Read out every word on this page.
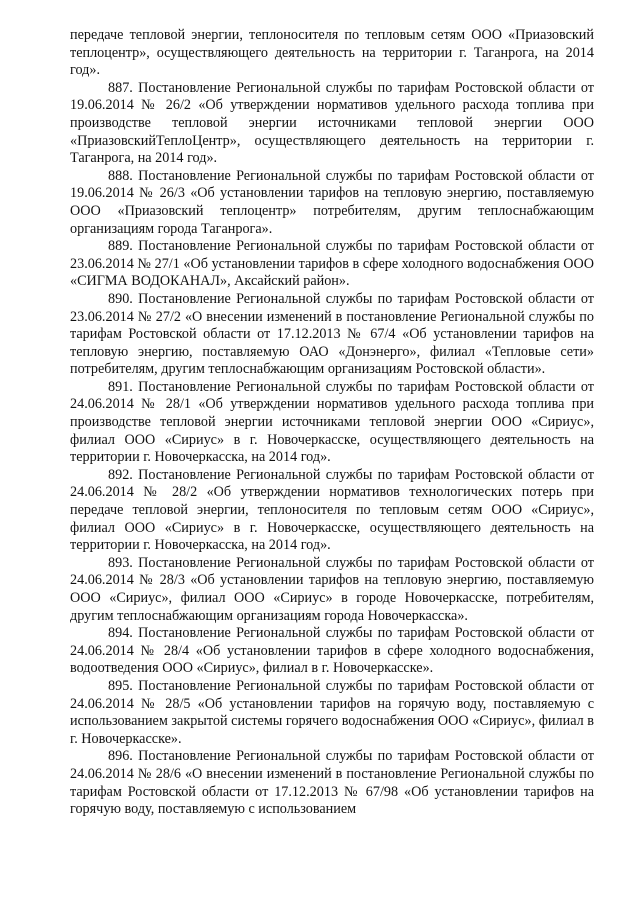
передаче тепловой энергии, теплоносителя по тепловым сетям ООО «Приазовский теплоцентр», осуществляющего деятельность на территории г. Таганрога, на 2014 год».

887. Постановление Региональной службы по тарифам Ростовской области от 19.06.2014 № 26/2 «Об утверждении нормативов удельного расхода топлива при производстве тепловой энергии источниками тепловой энергии ООО «ПриазовскийТеплоЦентр», осуществляющего деятельность на территории г. Таганрога, на 2014 год».

888. Постановление Региональной службы по тарифам Ростовской области от 19.06.2014 № 26/3 «Об установлении тарифов на тепловую энергию, поставляемую ООО «Приазовский теплоцентр» потребителям, другим теплоснабжающим организациям города Таганрога».

889. Постановление Региональной службы по тарифам Ростовской области от 23.06.2014 № 27/1 «Об установлении тарифов в сфере холодного водоснабжения ООО «СИГМА ВОДОКАНАЛ», Аксайский район».

890. Постановление Региональной службы по тарифам Ростовской области от 23.06.2014 № 27/2 «О внесении изменений в постановление Региональной службы по тарифам Ростовской области от 17.12.2013 № 67/4 «Об установлении тарифов на тепловую энергию, поставляемую ОАО «Донэнерго», филиал «Тепловые сети» потребителям, другим теплоснабжающим организациям Ростовской области».

891. Постановление Региональной службы по тарифам Ростовской области от 24.06.2014 № 28/1 «Об утверждении нормативов удельного расхода топлива при производстве тепловой энергии источниками тепловой энергии ООО «Сириус», филиал ООО «Сириус» в г. Новочеркасске, осуществляющего деятельность на территории г. Новочеркасска, на 2014 год».

892. Постановление Региональной службы по тарифам Ростовской области от 24.06.2014 № 28/2 «Об утверждении нормативов технологических потерь при передаче тепловой энергии, теплоносителя по тепловым сетям ООО «Сириус», филиал ООО «Сириус» в г. Новочеркасске, осуществляющего деятельность на территории г. Новочеркасска, на 2014 год».

893. Постановление Региональной службы по тарифам Ростовской области от 24.06.2014 № 28/3 «Об установлении тарифов на тепловую энергию, поставляемую ООО «Сириус», филиал ООО «Сириус» в городе Новочеркасске, потребителям, другим теплоснабжающим организациям города Новочеркасска».

894. Постановление Региональной службы по тарифам Ростовской области от 24.06.2014 № 28/4 «Об установлении тарифов в сфере холодного водоснабжения, водоотведения ООО «Сириус», филиал в г. Новочеркасске».

895. Постановление Региональной службы по тарифам Ростовской области от 24.06.2014 № 28/5 «Об установлении тарифов на горячую воду, поставляемую с использованием закрытой системы горячего водоснабжения ООО «Сириус», филиал в г. Новочеркасске».

896. Постановление Региональной службы по тарифам Ростовской области от 24.06.2014 № 28/6 «О внесении изменений в постановление Региональной службы по тарифам Ростовской области от 17.12.2013 № 67/98 «Об установлении тарифов на горячую воду, поставляемую с использованием
